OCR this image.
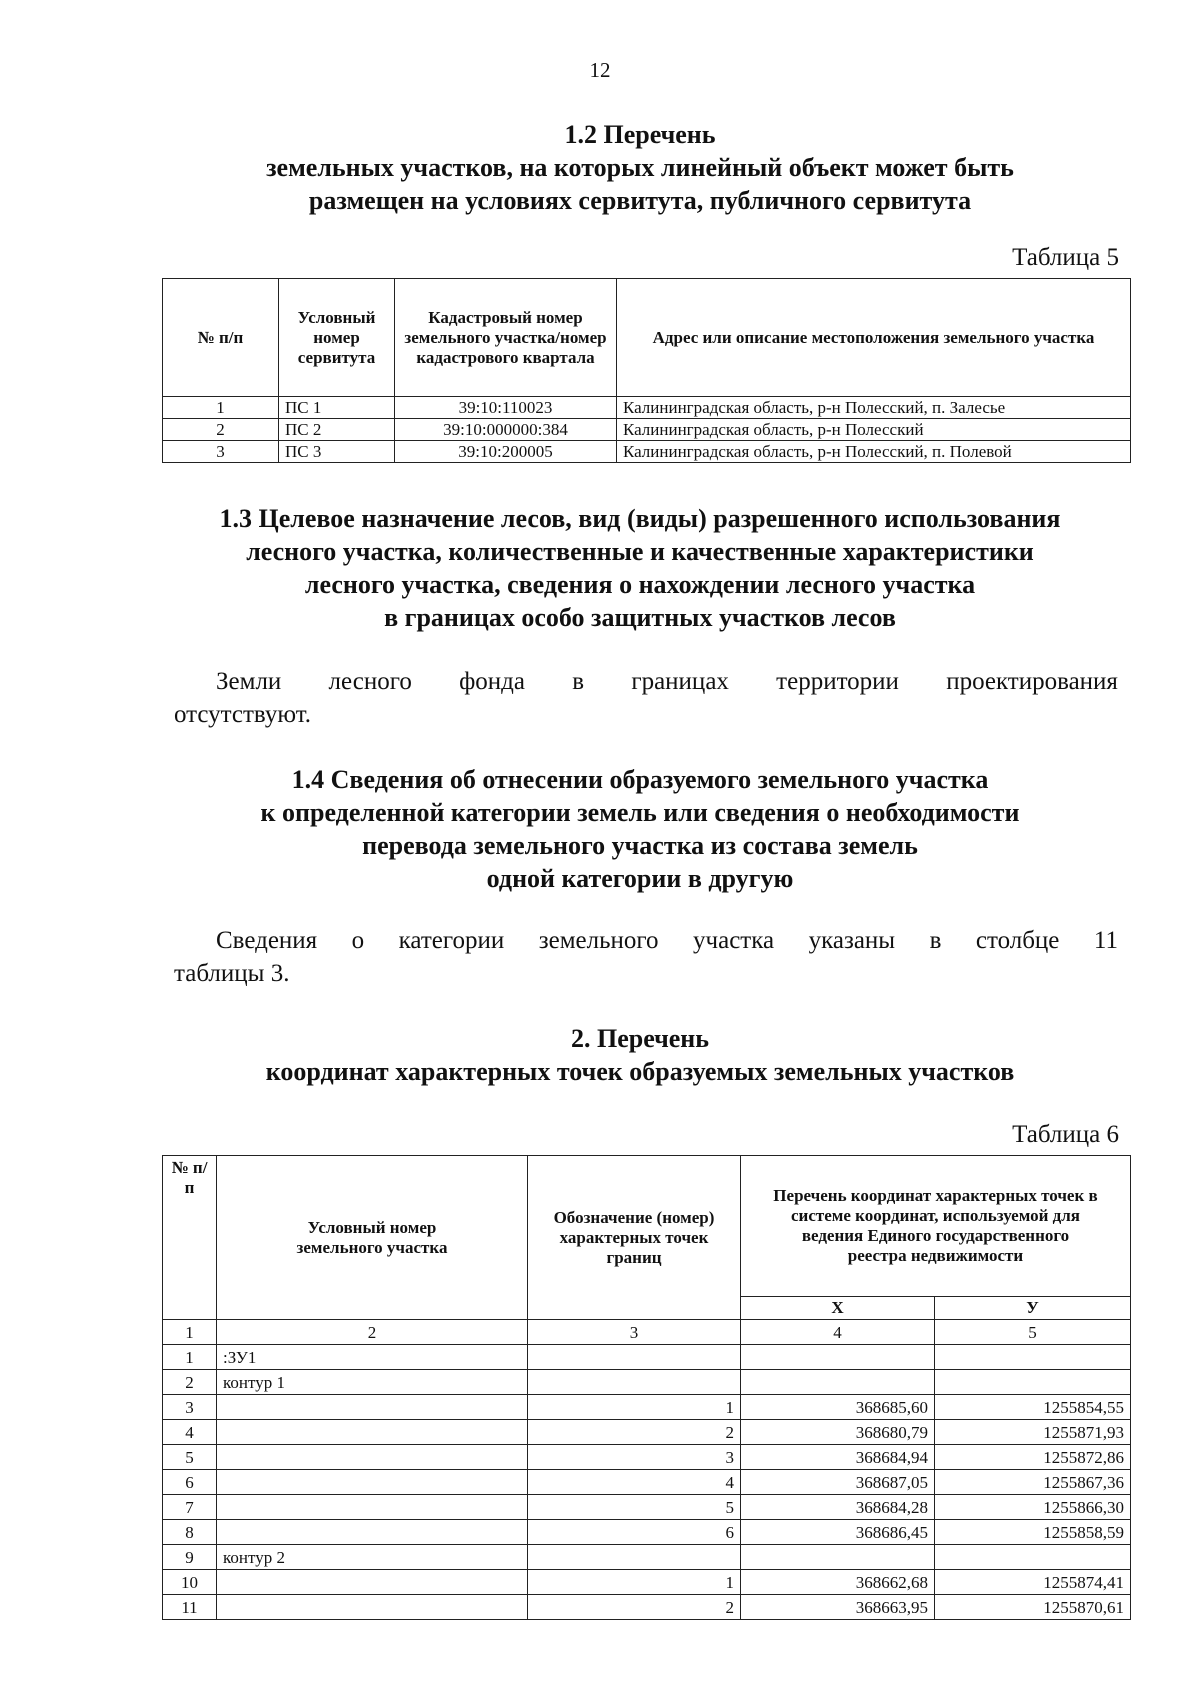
12
1.2 Перечень
земельных участков, на которых линейный объект может быть
размещен на условиях сервитута, публичного сервитута
Таблица 5
№ п/п	Условный номер сервитута	Кадастровый номер земельного участка/номер кадастрового квартала	Адрес или описание местоположения земельного участка
1	ПС 1	39:10:110023	Калининградская область, р-н Полесский, п. Залесье
2	ПС 2	39:10:000000:384	Калининградская область, р-н Полесский
3	ПС 3	39:10:200005	Калининградская область, р-н Полесский, п. Полевой
1.3 Целевое назначение лесов, вид (виды) разрешенного использования
лесного участка, количественные и качественные характеристики
лесного участка, сведения о нахождении лесного участка
в границах особо защитных участков лесов
Земли лесного фонда в границах территории проектирования
отсутствуют.
1.4 Сведения об отнесении образуемого земельного участка
к определенной категории земель или сведения о необходимости
перевода земельного участка из состава земель
одной категории в другую
Сведения о категории земельного участка указаны в столбце 11
таблицы 3.
2. Перечень
координат характерных точек образуемых земельных участков
Таблица 6
№ п/п	Условный номер земельного участка	Обозначение (номер) характерных точек границ	Перечень координат характерных точек в системе координат, используемой для ведения Единого государственного реестра недвижимости	
			X	У
1	2	3	4	5
1	:ЗУ1			
2	контур 1			
3		1	368685,60	1255854,55
4		2	368680,79	1255871,93
5		3	368684,94	1255872,86
6		4	368687,05	1255867,36
7		5	368684,28	1255866,30
8		6	368686,45	1255858,59
9	контур 2			
10		1	368662,68	1255874,41
11		2	368663,95	1255870,61
